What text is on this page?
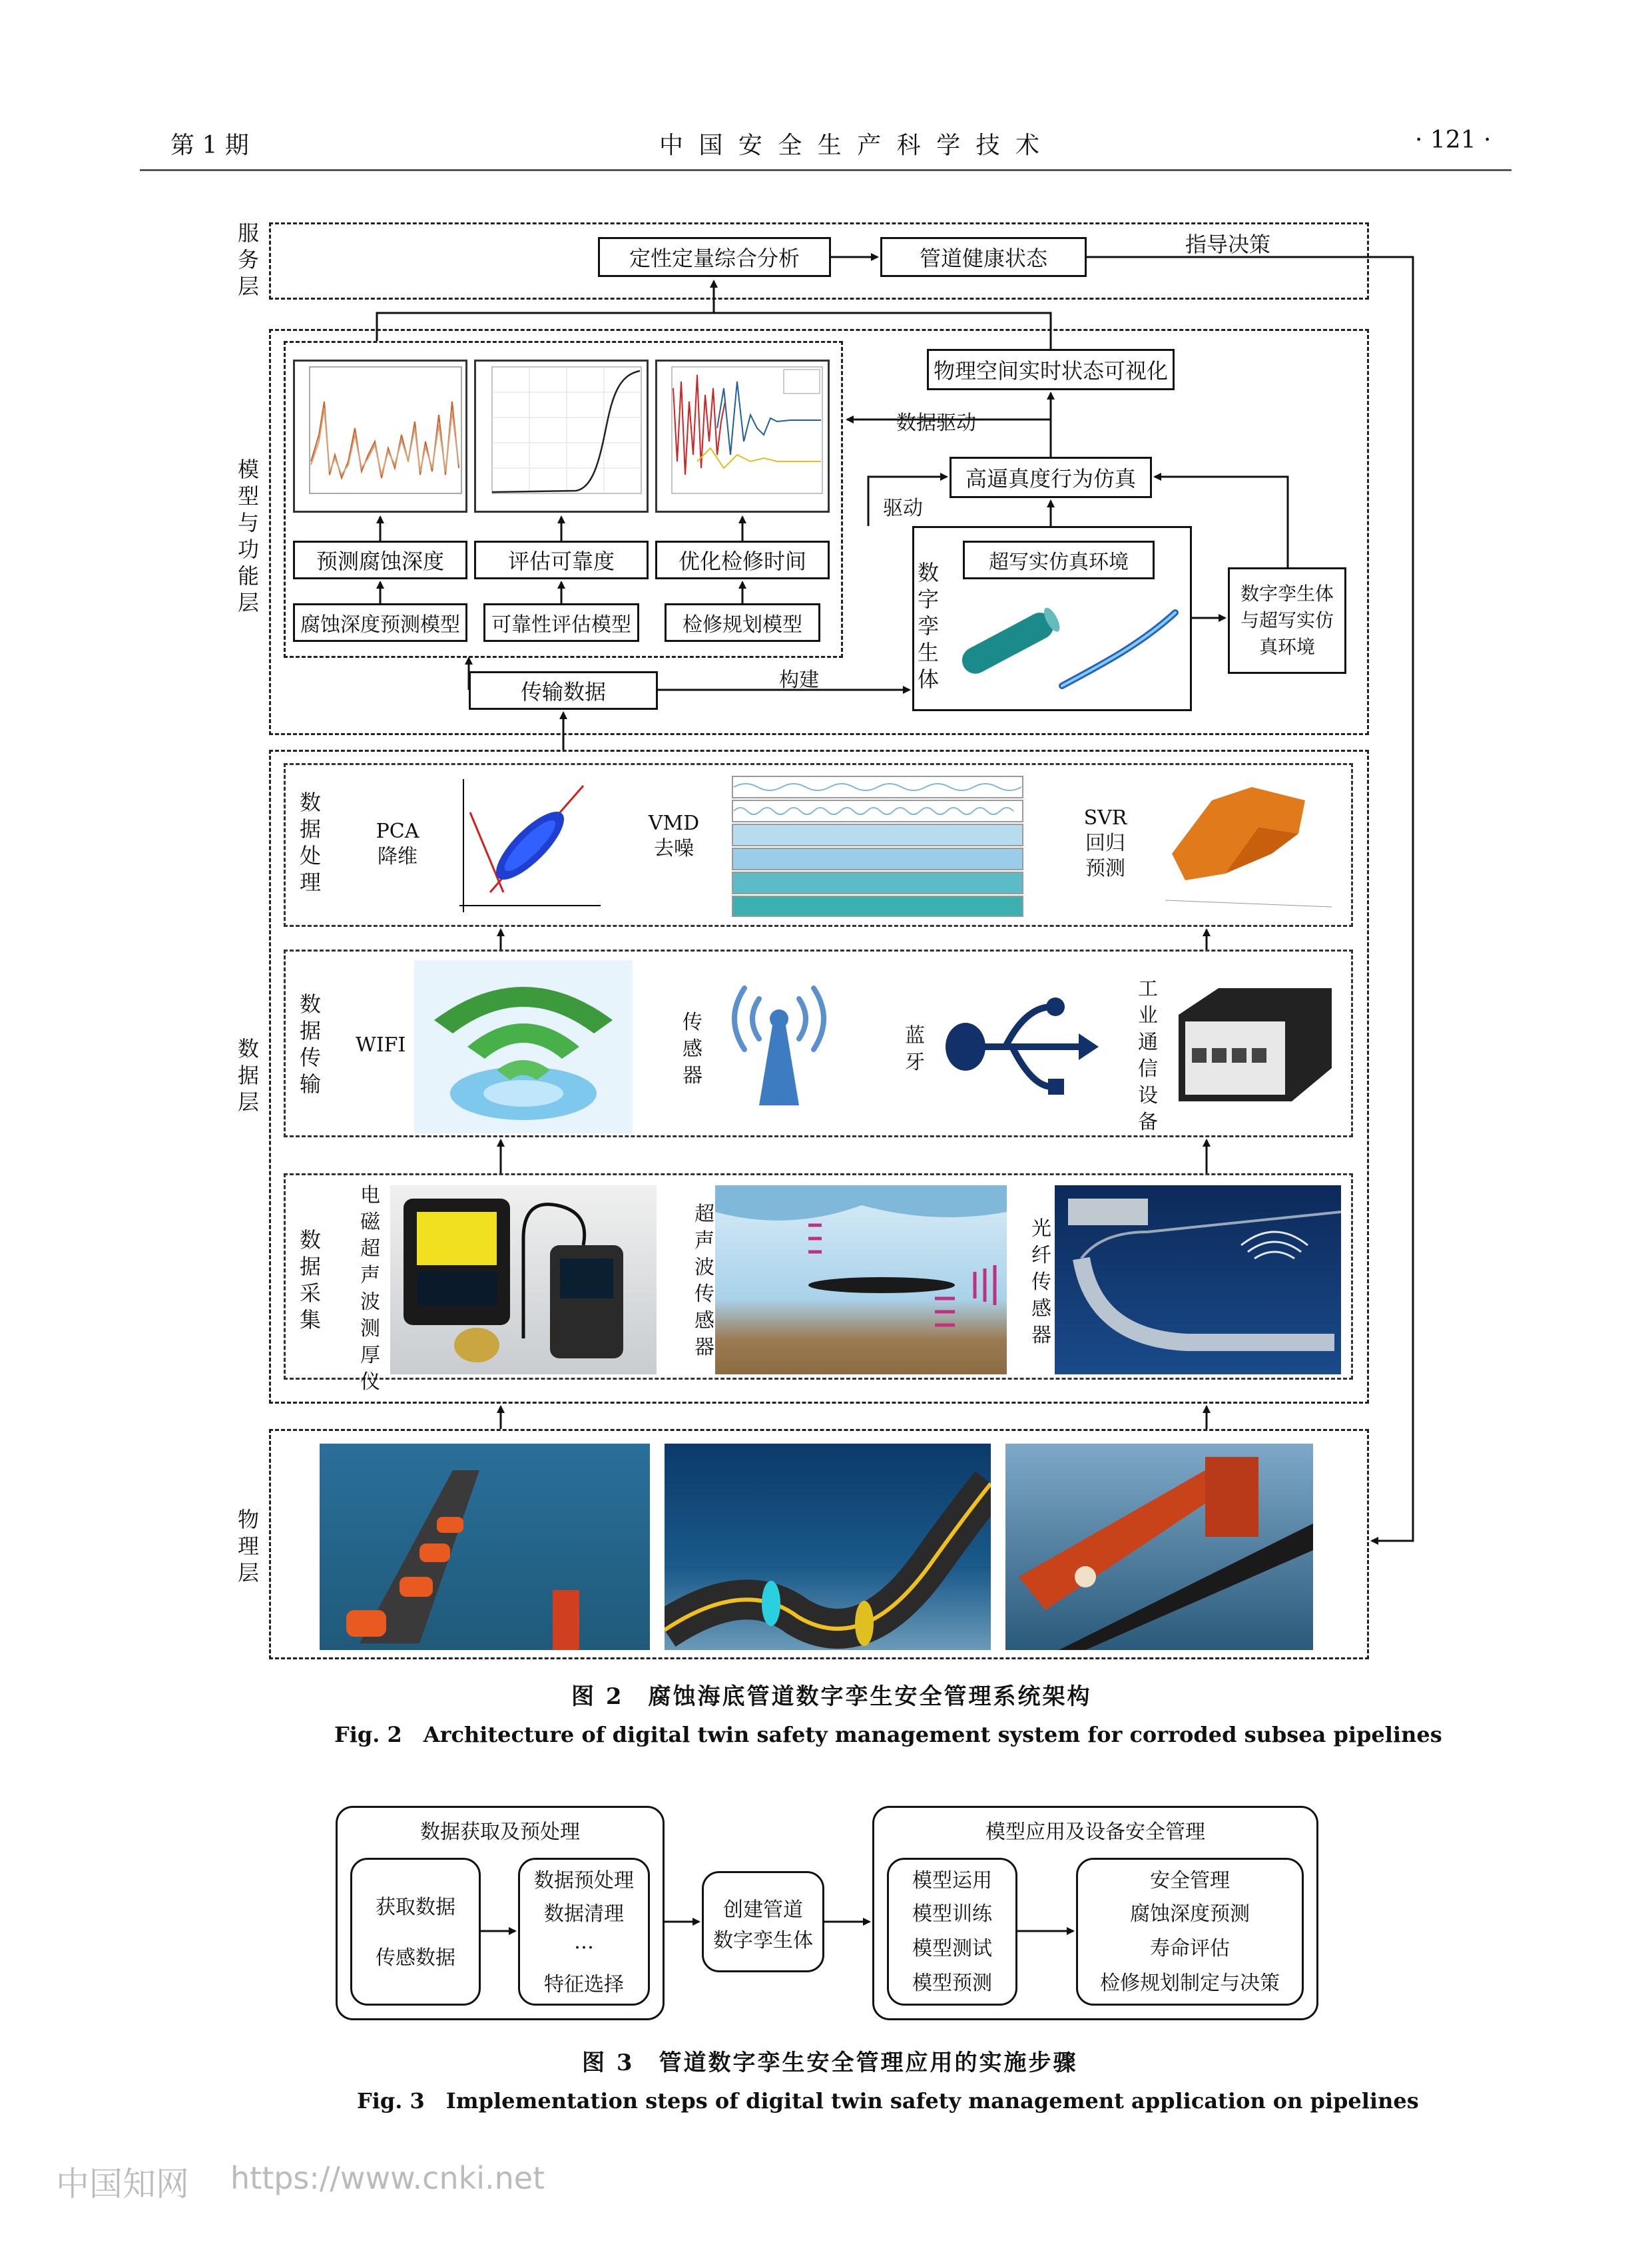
第 1 期	中 国 安 全 生 产 科 学 技 术	· 121 ·
服务层
模型与功能层
数据层
物理层
定性定量综合分析	管道健康状态
指导决策
预测腐蚀深度	评估可靠度	优化检修时间
腐蚀深度预测模型	可靠性评估模型	检修规划模型
物理空间实时状态可视化
数据驱动
高逼真度行为仿真
驱动
数字孪生体
超写实仿真环境
数字孪生体与超写实仿真环境
传输数据	构建
数据处理
PCA降维
VMD去噪
SVR回归预测
数据传输
WIFI
传感器
蓝牙
工业通信设备
数据采集
电磁超声波测厚仪
超声波传感器
光纤传感器
图 2　腐蚀海底管道数字孪生安全管理系统架构
Fig. 2　Architecture of digital twin safety management system for corroded subsea pipelines
数据获取及预处理
获取数据
传感数据
数据预处理
数据清理
…
特征选择
创建管道
数字孪生体
模型应用及设备安全管理
模型运用
模型训练
模型测试
模型预测
安全管理
腐蚀深度预测
寿命评估
检修规划制定与决策
图 3　管道数字孪生安全管理应用的实施步骤
Fig. 3　Implementation steps of digital twin safety management application on pipelines
中国知网 https://www.cnki.net
